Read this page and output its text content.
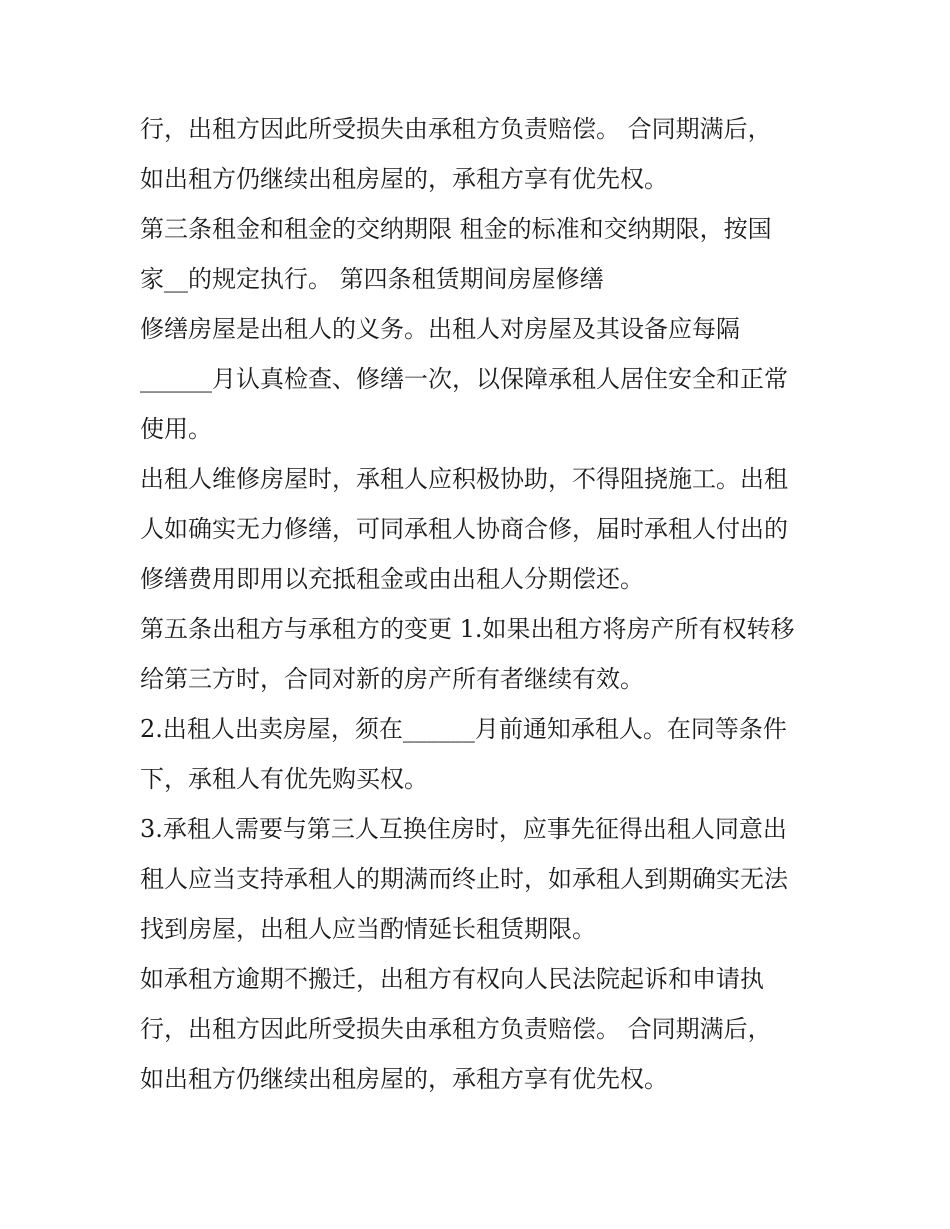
行，出租方因此所受损失由承租方负责赔偿。 合同期满后，
如出租方仍继续出租房屋的，承租方享有优先权。
第三条租金和租金的交纳期限 租金的标准和交纳期限，按国
家__的规定执行。 第四条租赁期间房屋修缮
修缮房屋是出租人的义务。出租人对房屋及其设备应每隔
______月认真检查、修缮一次，以保障承租人居住安全和正常
使用。
出租人维修房屋时，承租人应积极协助，不得阻挠施工。出租
人如确实无力修缮，可同承租人协商合修，届时承租人付出的
修缮费用即用以充抵租金或由出租人分期偿还。
第五条出租方与承租方的变更 1.如果出租方将房产所有权转移
给第三方时，合同对新的房产所有者继续有效。
2.出租人出卖房屋，须在______月前通知承租人。在同等条件
下，承租人有优先购买权。
3.承租人需要与第三人互换住房时，应事先征得出租人同意出
租人应当支持承租人的期满而终止时，如承租人到期确实无法
找到房屋，出租人应当酌情延长租赁期限。
如承租方逾期不搬迁，出租方有权向人民法院起诉和申请执
行，出租方因此所受损失由承租方负责赔偿。 合同期满后，
如出租方仍继续出租房屋的，承租方享有优先权。
